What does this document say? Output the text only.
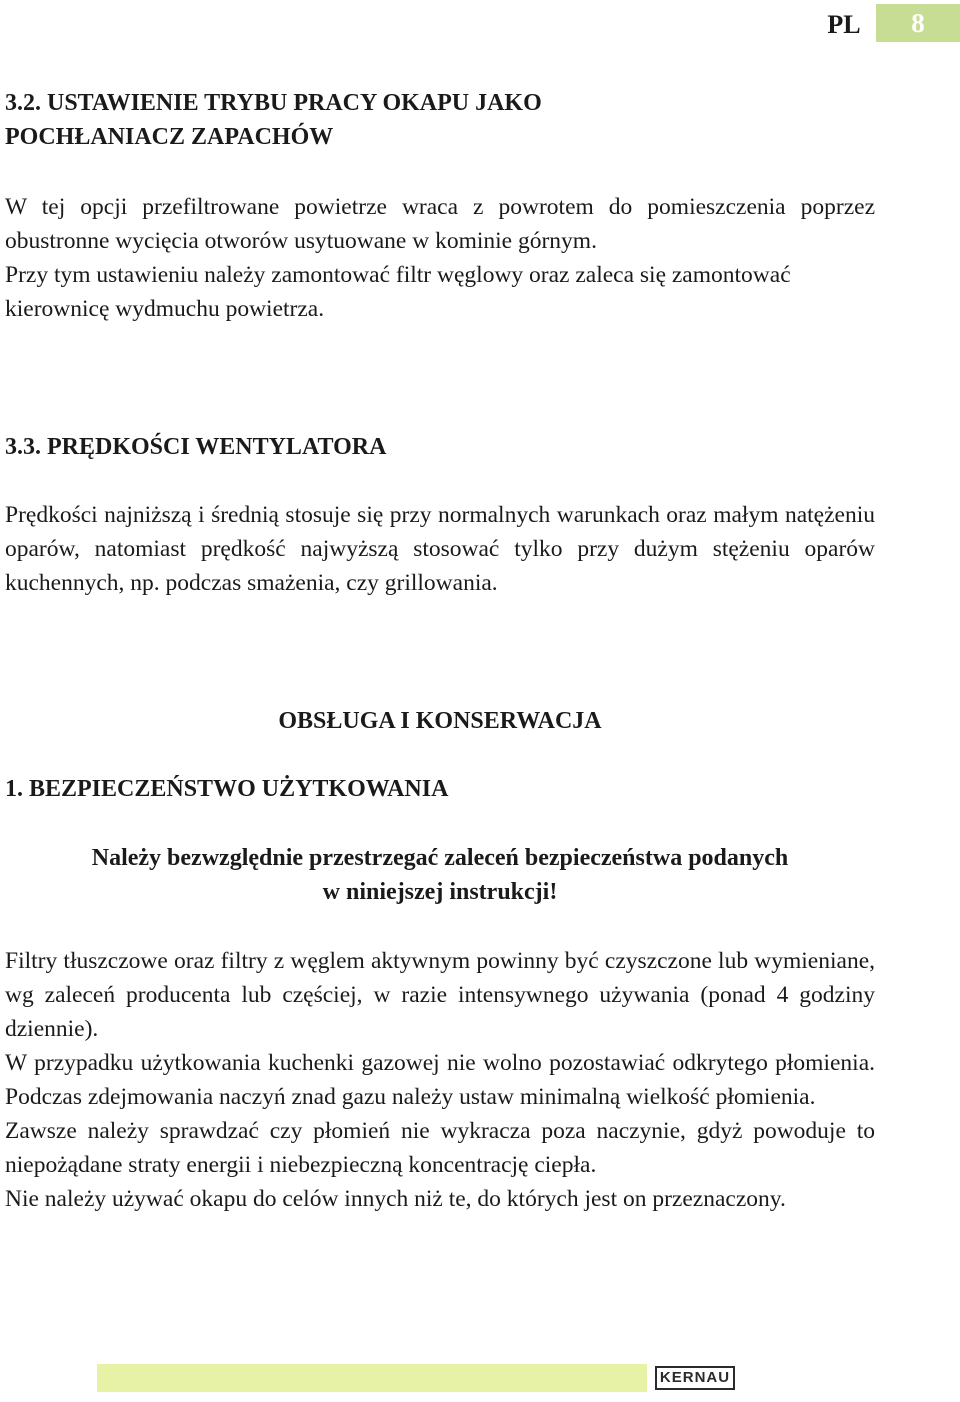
PL	8

3.2. USTAWIENIE TRYBU PRACY OKAPU JAKO

POCHŁANIACZ ZAPACHÓW

W tej opcji przefiltrowane powietrze wraca z powrotem do pomieszczenia poprzez obustronne wycięcia otworów usytuowane w kominie górnym.

Przy tym ustawieniu należy zamontować filtr węglowy oraz zaleca się zamontować kierownicę wydmuchu powietrza.

3.3. PRĘDKOŚCI WENTYLATORA
Prędkości najniższą i średnią stosuje się przy normalnych warunkach oraz małym natężeniu oparów, natomiast prędkość najwyższą stosować tylko przy dużym stężeniu oparów kuchennych, np. podczas smażenia, czy grillowania.
OBSŁUGA I KONSERWACJA
1. BEZPIECZEŃSTWO UŻYTKOWANIA

Należy bezwzględnie przestrzegać zaleceń bezpieczeństwa podanych

w niniejszej instrukcji!

Filtry tłuszczowe oraz filtry z węglem aktywnym powinny być czyszczone lub wymieniane, wg zaleceń producenta lub częściej, w razie intensywnego używania (ponad 4 godziny dziennie).

W przypadku użytkowania kuchenki gazowej nie wolno pozostawiać odkrytego płomienia. Podczas zdejmowania naczyń znad gazu należy ustaw minimalną wielkość płomienia.

Zawsze należy sprawdzać czy płomień nie wykracza poza naczynie, gdyż powoduje to niepożądane straty energii i niebezpieczną koncentrację ciepła.

Nie należy używać okapu do celów innych niż te, do których jest on przeznaczony.

KERNAU
